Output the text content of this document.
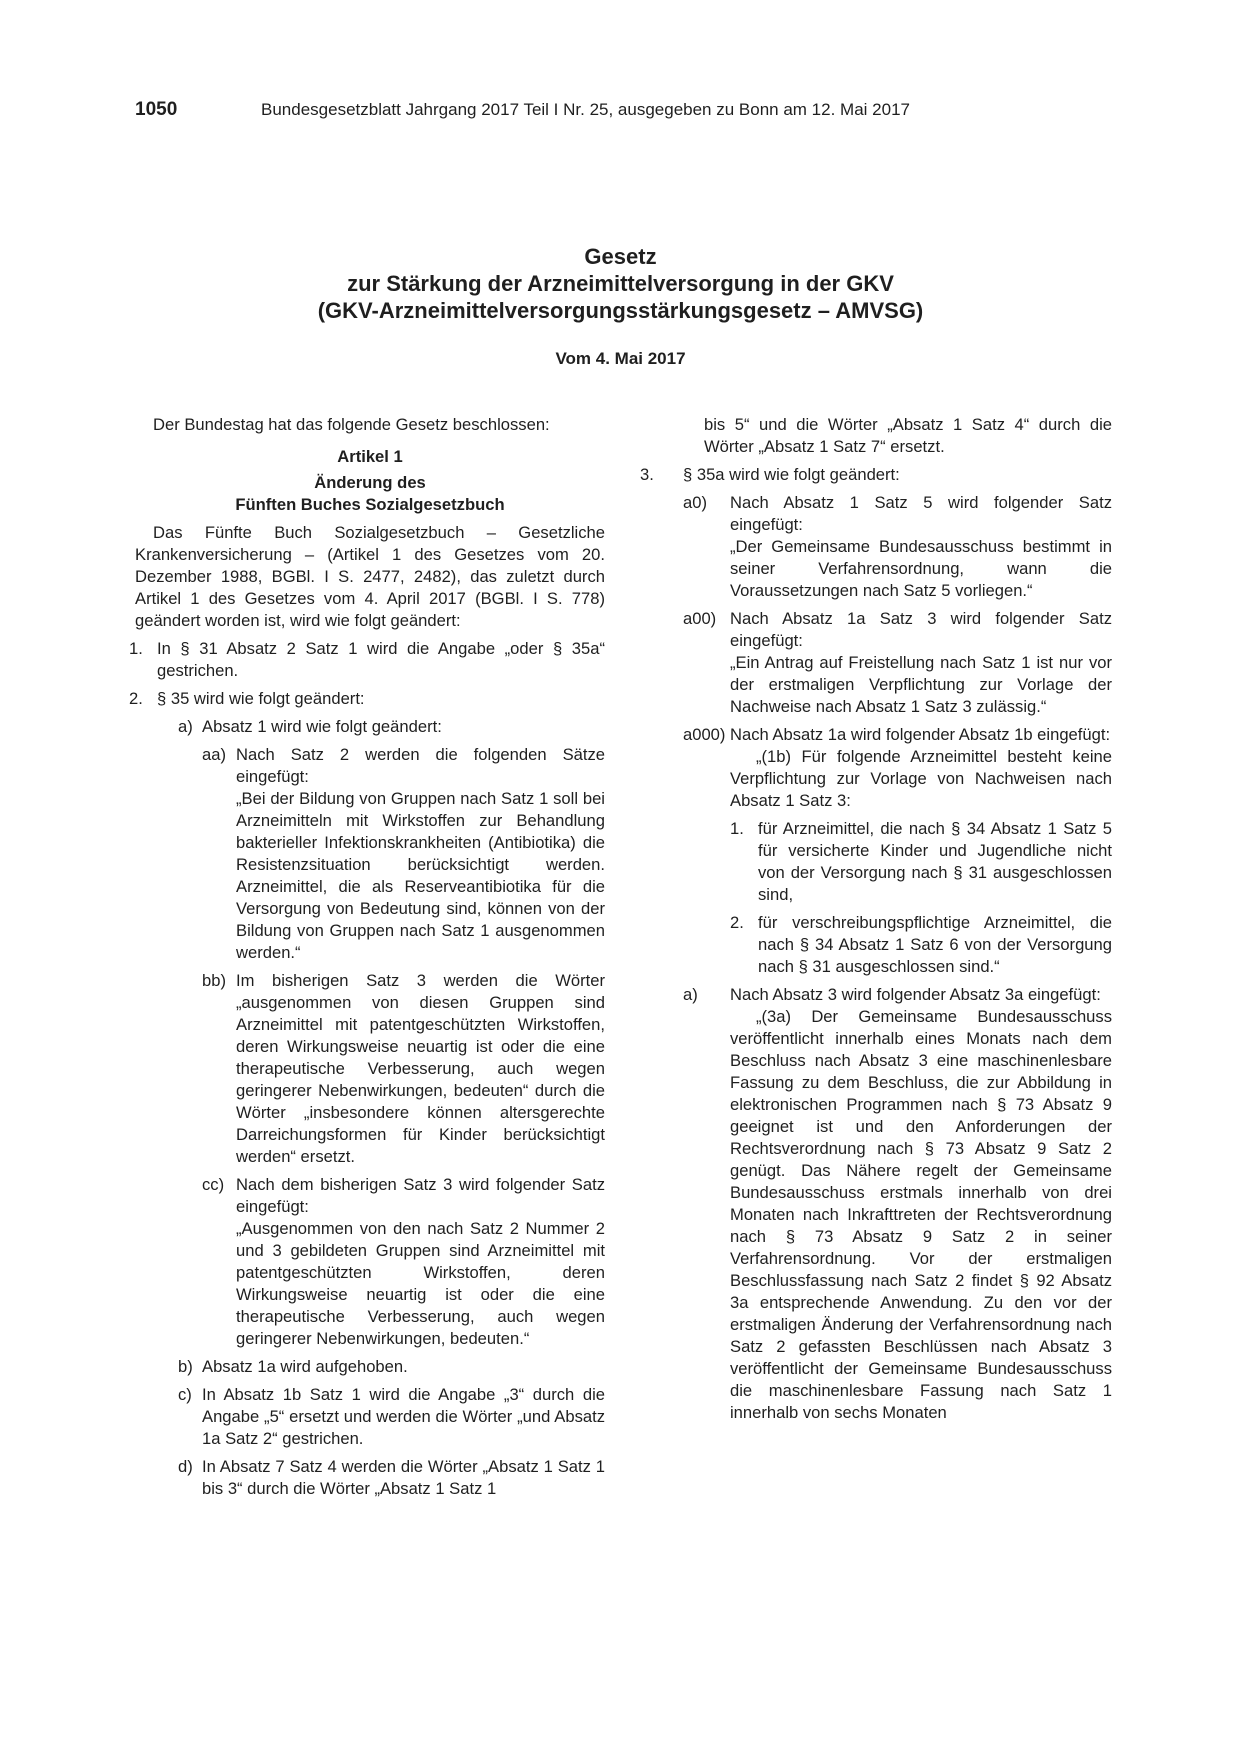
1050	Bundesgesetzblatt Jahrgang 2017 Teil I Nr. 25, ausgegeben zu Bonn am 12. Mai 2017
Gesetz
zur Stärkung der Arzneimittelversorgung in der GKV
(GKV-Arzneimittelversorgungsstärkungsgesetz – AMVSG)
Vom 4. Mai 2017

Der Bundestag hat das folgende Gesetz beschlossen:

Artikel 1

Änderung des
Fünften Buches Sozialgesetzbuch

Das Fünfte Buch Sozialgesetzbuch – Gesetzliche Krankenversicherung – (Artikel 1 des Gesetzes vom 20. Dezember 1988, BGBl. I S. 2477, 2482), das zuletzt durch Artikel 1 des Gesetzes vom 4. April 2017 (BGBl. I S. 778) geändert worden ist, wird wie folgt geändert:

1. In § 31 Absatz 2 Satz 1 wird die Angabe „oder § 35a“ gestrichen.

2. § 35 wird wie folgt geändert:

a) Absatz 1 wird wie folgt geändert:

aa) Nach Satz 2 werden die folgenden Sätze eingefügt:

„Bei der Bildung von Gruppen nach Satz 1 soll bei Arzneimitteln mit Wirkstoffen zur Behandlung bakterieller Infektionskrankheiten (Antibiotika) die Resistenzsituation berücksichtigt werden. Arzneimittel, die als Reserveantibiotika für die Versorgung von Bedeutung sind, können von der Bildung von Gruppen nach Satz 1 ausgenommen werden.“

bb) Im bisherigen Satz 3 werden die Wörter „ausgenommen von diesen Gruppen sind Arzneimittel mit patentgeschützten Wirkstoffen, deren Wirkungsweise neuartig ist oder die eine therapeutische Verbesserung, auch wegen geringerer Nebenwirkungen, bedeuten“ durch die Wörter „insbesondere können altersgerechte Darreichungsformen für Kinder berücksichtigt werden“ ersetzt.

cc) Nach dem bisherigen Satz 3 wird folgender Satz eingefügt:

„Ausgenommen von den nach Satz 2 Nummer 2 und 3 gebildeten Gruppen sind Arzneimittel mit patentgeschützten Wirkstoffen, deren Wirkungsweise neuartig ist oder die eine therapeutische Verbesserung, auch wegen geringerer Nebenwirkungen, bedeuten.“

b) Absatz 1a wird aufgehoben.

c) In Absatz 1b Satz 1 wird die Angabe „3“ durch die Angabe „5“ ersetzt und werden die Wörter „und Absatz 1a Satz 2“ gestrichen.

d) In Absatz 7 Satz 4 werden die Wörter „Absatz 1 Satz 1 bis 3“ durch die Wörter „Absatz 1 Satz 1

bis 5“ und die Wörter „Absatz 1 Satz 4“ durch die Wörter „Absatz 1 Satz 7“ ersetzt.

3. § 35a wird wie folgt geändert:

a0) Nach Absatz 1 Satz 5 wird folgender Satz eingefügt:

„Der Gemeinsame Bundesausschuss bestimmt in seiner Verfahrensordnung, wann die Voraussetzungen nach Satz 5 vorliegen.“

a00) Nach Absatz 1a Satz 3 wird folgender Satz eingefügt:

„Ein Antrag auf Freistellung nach Satz 1 ist nur vor der erstmaligen Verpflichtung zur Vorlage der Nachweise nach Absatz 1 Satz 3 zulässig.“

a000) Nach Absatz 1a wird folgender Absatz 1b eingefügt:

„(1b) Für folgende Arzneimittel besteht keine Verpflichtung zur Vorlage von Nachweisen nach Absatz 1 Satz 3:

1. für Arzneimittel, die nach § 34 Absatz 1 Satz 5 für versicherte Kinder und Jugendliche nicht von der Versorgung nach § 31 ausgeschlossen sind,

2. für verschreibungspflichtige Arzneimittel, die nach § 34 Absatz 1 Satz 6 von der Versorgung nach § 31 ausgeschlossen sind.“

a) Nach Absatz 3 wird folgender Absatz 3a eingefügt:

„(3a) Der Gemeinsame Bundesausschuss veröffentlicht innerhalb eines Monats nach dem Beschluss nach Absatz 3 eine maschinenlesbare Fassung zu dem Beschluss, die zur Abbildung in elektronischen Programmen nach § 73 Absatz 9 geeignet ist und den Anforderungen der Rechtsverordnung nach § 73 Absatz 9 Satz 2 genügt. Das Nähere regelt der Gemeinsame Bundesausschuss erstmals innerhalb von drei Monaten nach Inkrafttreten der Rechtsverordnung nach § 73 Absatz 9 Satz 2 in seiner Verfahrensordnung. Vor der erstmaligen Beschlussfassung nach Satz 2 findet § 92 Absatz 3a entsprechende Anwendung. Zu den vor der erstmaligen Änderung der Verfahrensordnung nach Satz 2 gefassten Beschlüssen nach Absatz 3 veröffentlicht der Gemeinsame Bundesausschuss die maschinenlesbare Fassung nach Satz 1 innerhalb von sechs Monaten
